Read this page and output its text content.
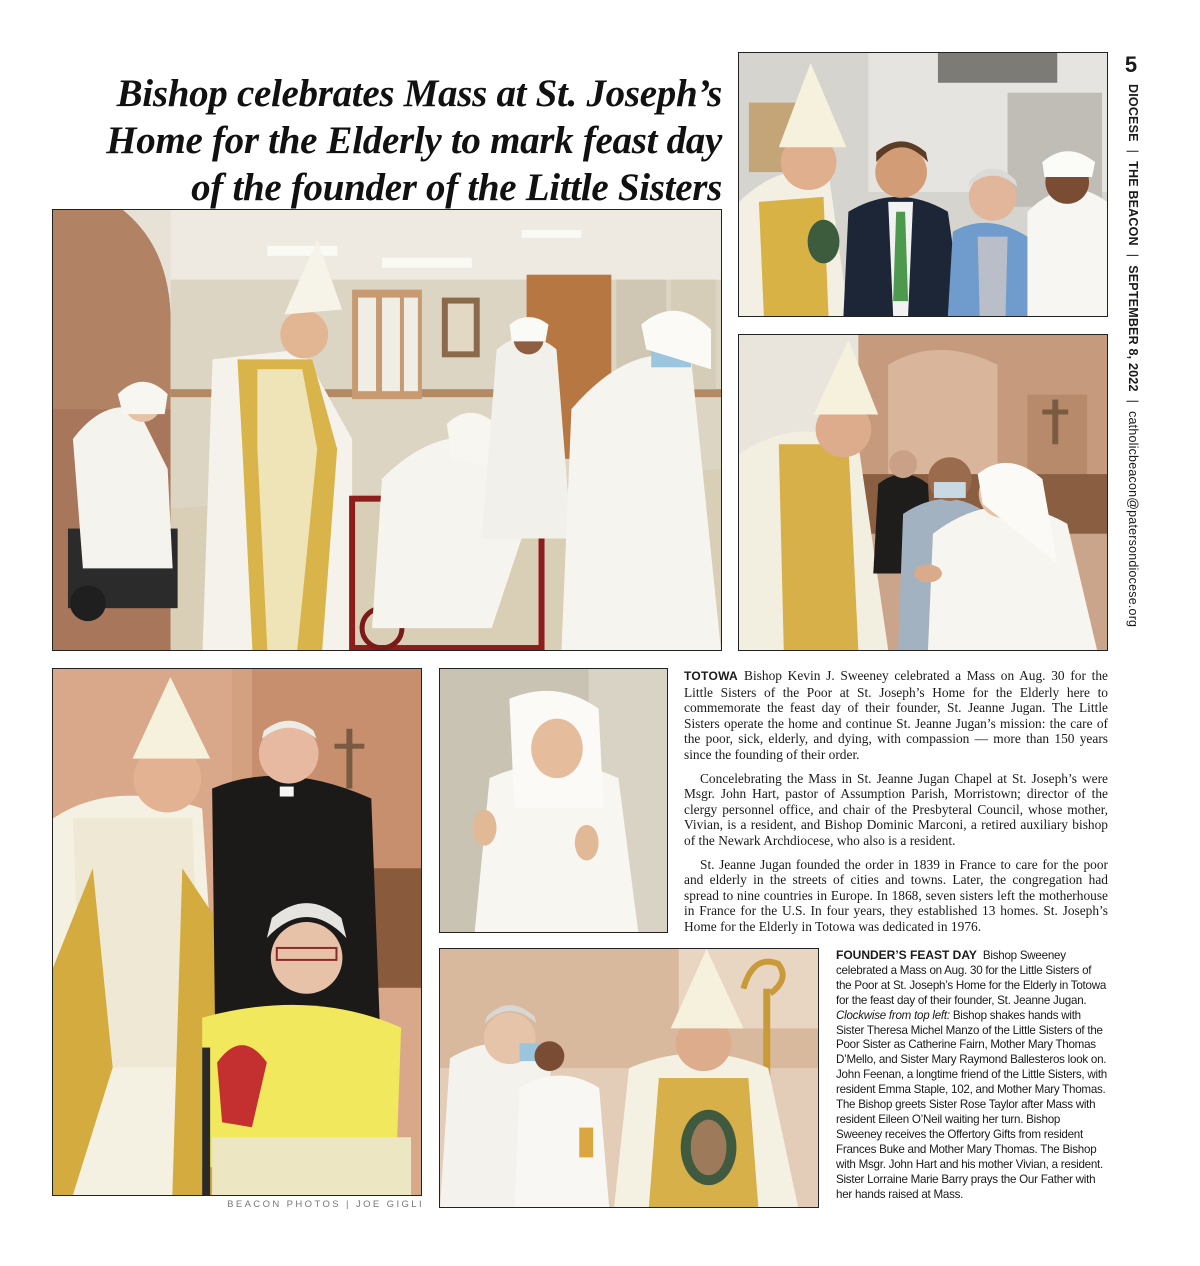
Bishop celebrates Mass at St. Joseph’s
Home for the Elderly to mark feast day
of the founder of the Little Sisters
5
DIOCESE|THE BEACON|SEPTEMBER 8, 2022|catholicbeacon@patersondiocese.org

TOTOWA Bishop Kevin J. Sweeney celebrated a Mass on Aug. 30 for the Little Sisters of the Poor at St. Joseph’s Home for the Elderly here to commemorate the feast day of their founder, St. Jeanne Jugan. The Little Sisters operate the home and continue St. Jeanne Jugan’s mission: the care of the poor, sick, elderly, and dying, with compassion — more than 150 years since the founding of their order.

Concelebrating the Mass in St. Jeanne Jugan Chapel at St. Joseph’s were Msgr. John Hart, pastor of Assumption Parish, Morristown; director of the clergy personnel office, and chair of the Presbyteral Council, whose mother, Vivian, is a resident, and Bishop Dominic Marconi, a retired auxiliary bishop of the Newark Archdiocese, who also is a resident.

St. Jeanne Jugan founded the order in 1839 in France to care for the poor and elderly in the streets of cities and towns. Later, the congregation had spread to nine countries in Europe. In 1868, seven sisters left the motherhouse in France for the U.S. In four years, they established 13 homes. St. Joseph’s Home for the Elderly in Totowa was dedicated in 1976.

FOUNDER’S FEAST DAY Bishop Sweeney celebrated a Mass on Aug. 30 for the Little Sisters of the Poor at St. Joseph’s Home for the Elderly in Totowa for the feast day of their founder, St. Jeanne Jugan. Clockwise from top left: Bishop shakes hands with Sister Theresa Michel Manzo of the Little Sisters of the Poor Sister as Catherine Fairn, Mother Mary Thomas D’Mello, and Sister Mary Raymond Ballesteros look on. John Feenan, a longtime friend of the Little Sisters, with resident Emma Staple, 102, and Mother Mary Thomas. The Bishop greets Sister Rose Taylor after Mass with resident Eileen O’Neil waiting her turn. Bishop Sweeney receives the Offertory Gifts from resident Frances Buke and Mother Mary Thomas. The Bishop with Msgr. John Hart and his mother Vivian, a resident. Sister Lorraine Marie Barry prays the Our Father with her hands raised at Mass.
BEACON PHOTOS | JOE GIGLI
